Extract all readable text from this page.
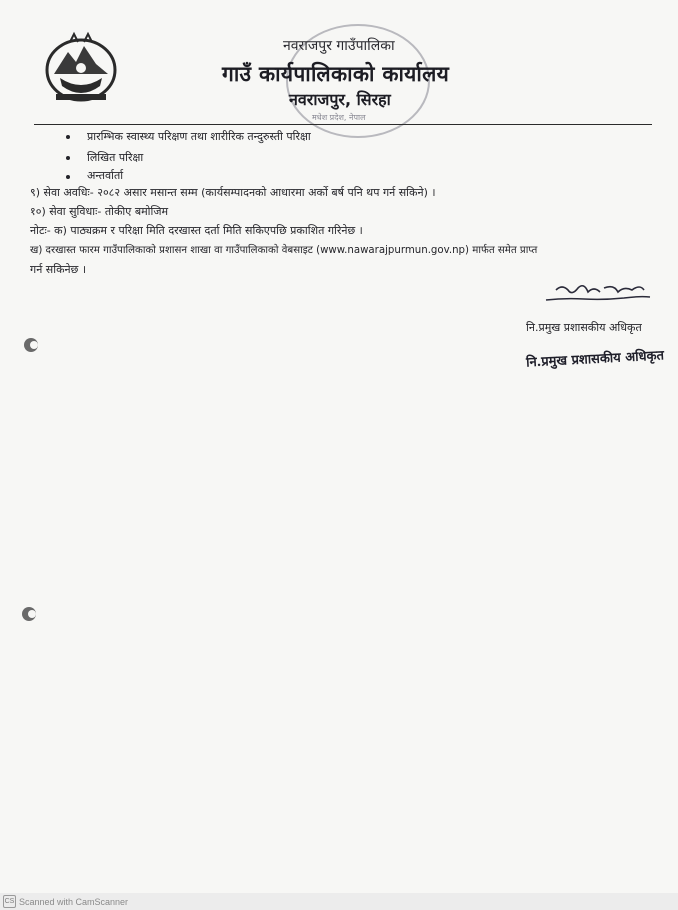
नवराजपुर गाउँपालिका
गाउँ कार्यपालिकाको कार्यालय
नवराजपुर, सिरहा
मधेश प्रदेश, नेपाल
प्रारम्भिक स्वास्थ्य परिक्षण तथा शारीरिक तन्दुरुस्ती परिक्षा
लिखित परिक्षा
अन्तर्वार्ता
९) सेवा अवधिः- २०८२ असार मसान्त सम्म (कार्यसम्पादनको आधारमा अर्को बर्ष पनि थप गर्न सकिने) ।
१०) सेवा सुविधाः- तोकीए बमोजिम
नोटः- क) पाठ्यक्रम र परिक्षा मिति दरखास्त दर्ता मिति सकिएपछि प्रकाशित गरिनेछ ।
ख) दरखास्त फारम गाउँपालिकाको प्रशासन शाखा वा गाउँपालिकाको वेबसाइट (www.nawarajpurmun.gov.np) मार्फत समेत प्राप्त
गर्न सकिनेछ ।
नि.प्रमुख प्रशासकीय अधिकृत
नि.प्रमुख प्रशासकीय अधिकृत
CS Scanned with CamScanner
